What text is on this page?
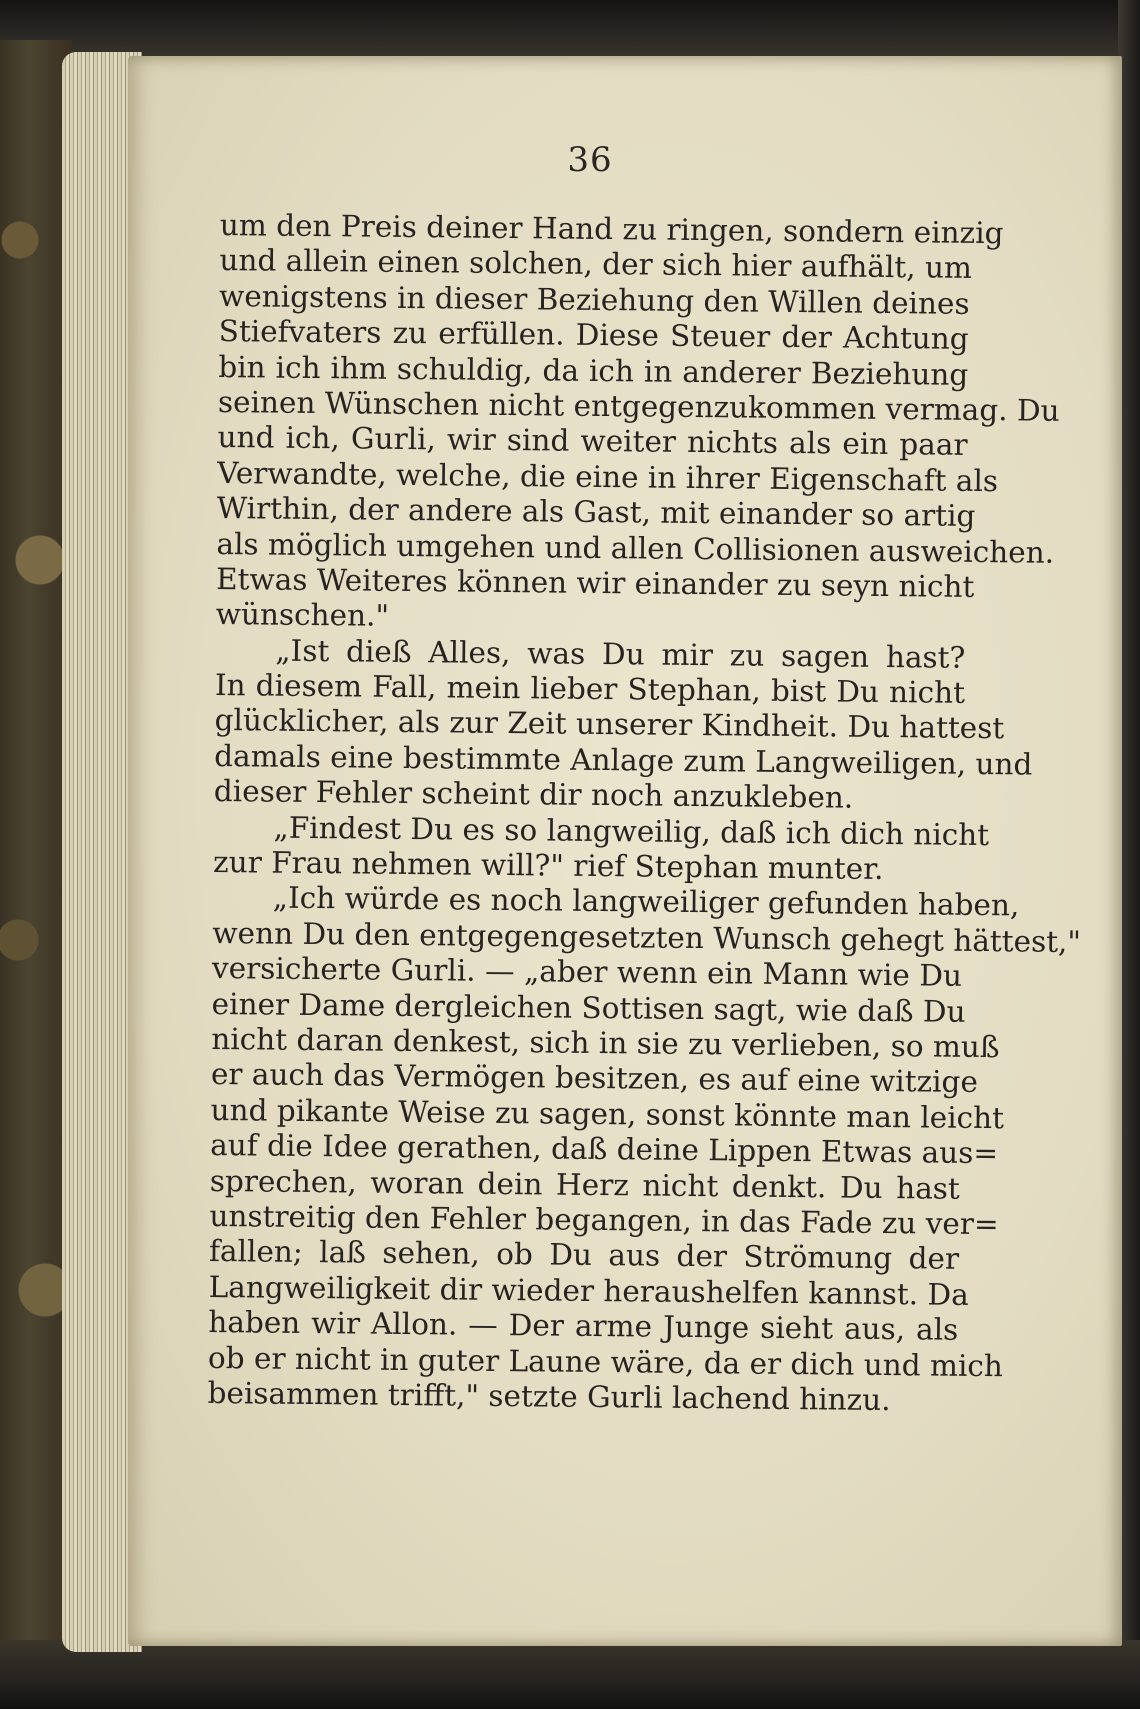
36
um den Preis deiner Hand zu ringen, sondern einzig
und allein einen solchen, der sich hier aufhält, um
wenigstens in dieser Beziehung den Willen deines
Stiefvaters zu erfüllen. Diese Steuer der Achtung
bin ich ihm schuldig, da ich in anderer Beziehung
seinen Wünschen nicht entgegenzukommen vermag. Du
und ich, Gurli, wir sind weiter nichts als ein paar
Verwandte, welche, die eine in ihrer Eigenschaft als
Wirthin, der andere als Gast, mit einander so artig
als möglich umgehen und allen Collisionen ausweichen.
Etwas Weiteres können wir einander zu seyn nicht
wünschen."
„Ist dieß Alles, was Du mir zu sagen hast?
In diesem Fall, mein lieber Stephan, bist Du nicht
glücklicher, als zur Zeit unserer Kindheit. Du hattest
damals eine bestimmte Anlage zum Langweiligen, und
dieser Fehler scheint dir noch anzukleben.
„Findest Du es so langweilig, daß ich dich nicht
zur Frau nehmen will?" rief Stephan munter.
„Ich würde es noch langweiliger gefunden haben,
wenn Du den entgegengesetzten Wunsch gehegt hättest,"
versicherte Gurli. — „aber wenn ein Mann wie Du
einer Dame dergleichen Sottisen sagt, wie daß Du
nicht daran denkest, sich in sie zu verlieben, so muß
er auch das Vermögen besitzen, es auf eine witzige
und pikante Weise zu sagen, sonst könnte man leicht
auf die Idee gerathen, daß deine Lippen Etwas aus=
sprechen, woran dein Herz nicht denkt. Du hast
unstreitig den Fehler begangen, in das Fade zu ver=
fallen; laß sehen, ob Du aus der Strömung der
Langweiligkeit dir wieder heraushelfen kannst. Da
haben wir Allon. — Der arme Junge sieht aus, als
ob er nicht in guter Laune wäre, da er dich und mich
beisammen trifft," setzte Gurli lachend hinzu.
